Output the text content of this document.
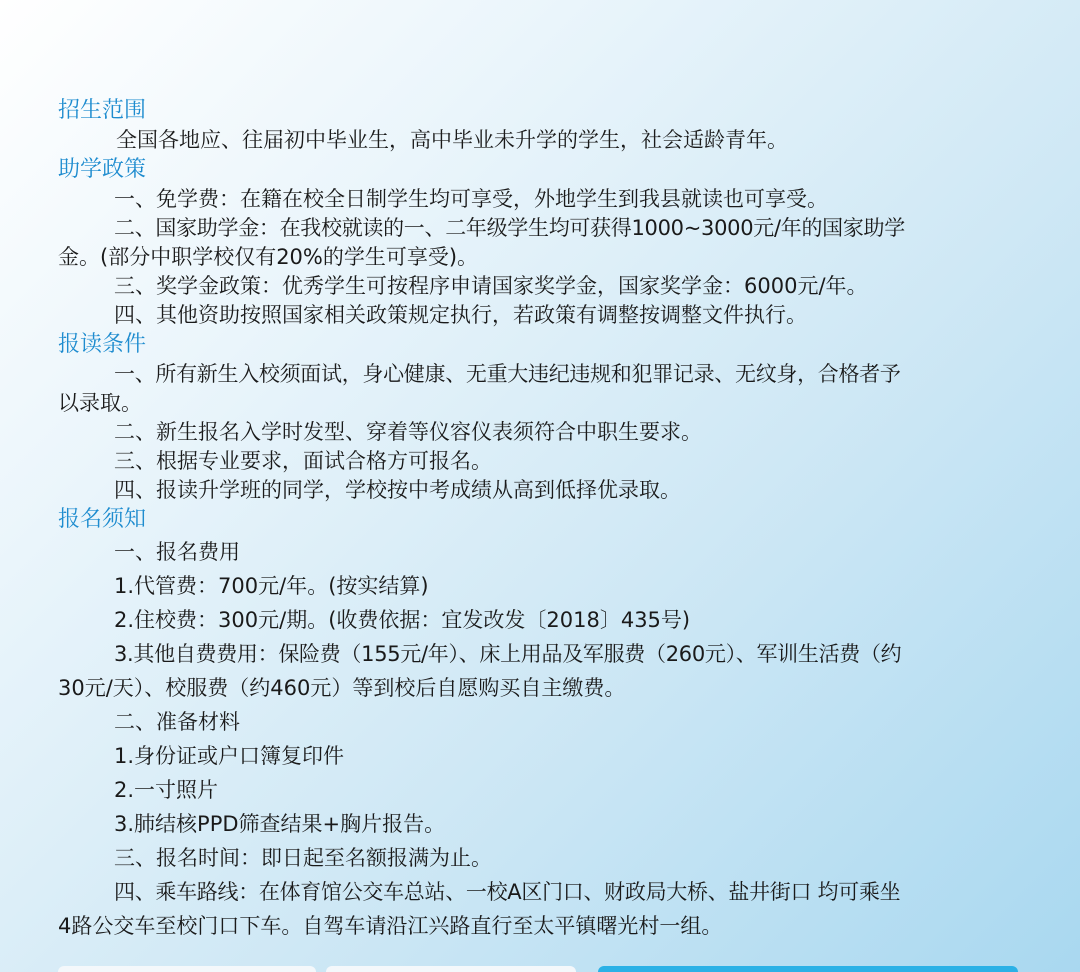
招生范围

全国各地应、往届初中毕业生，高中毕业未升学的学生，社会适龄青年。

助学政策

一、免学费：在籍在校全日制学生均可享受，外地学生到我县就读也可享受。

二、国家助学金：在我校就读的一、二年级学生均可获得1000~3000元/年的国家助学

金。(部分中职学校仅有20%的学生可享受)。

三、奖学金政策：优秀学生可按程序申请国家奖学金，国家奖学金：6000元/年。

四、其他资助按照国家相关政策规定执行，若政策有调整按调整文件执行。

报读条件

一、所有新生入校须面试，身心健康、无重大违纪违规和犯罪记录、无纹身，合格者予

以录取。

二、新生报名入学时发型、穿着等仪容仪表须符合中职生要求。

三、根据专业要求，面试合格方可报名。

四、报读升学班的同学，学校按中考成绩从高到低择优录取。

报名须知

一、报名费用

1.代管费：700元/年。(按实结算)

2.住校费：300元/期。(收费依据：宜发改发〔2018〕435号)

3.其他自费费用：保险费（155元/年）、床上用品及军服费（260元）、军训生活费（约

30元/天）、校服费（约460元）等到校后自愿购买自主缴费。

二、准备材料

1.身份证或户口簿复印件

2.一寸照片

3.肺结核PPD筛查结果+胸片报告。

三、报名时间：即日起至名额报满为止。

四、乘车路线：在体育馆公交车总站、一校A区门口、财政局大桥、盐井街口 均可乘坐

4路公交车至校门口下车。自驾车请沿江兴路直行至太平镇曙光村一组。
